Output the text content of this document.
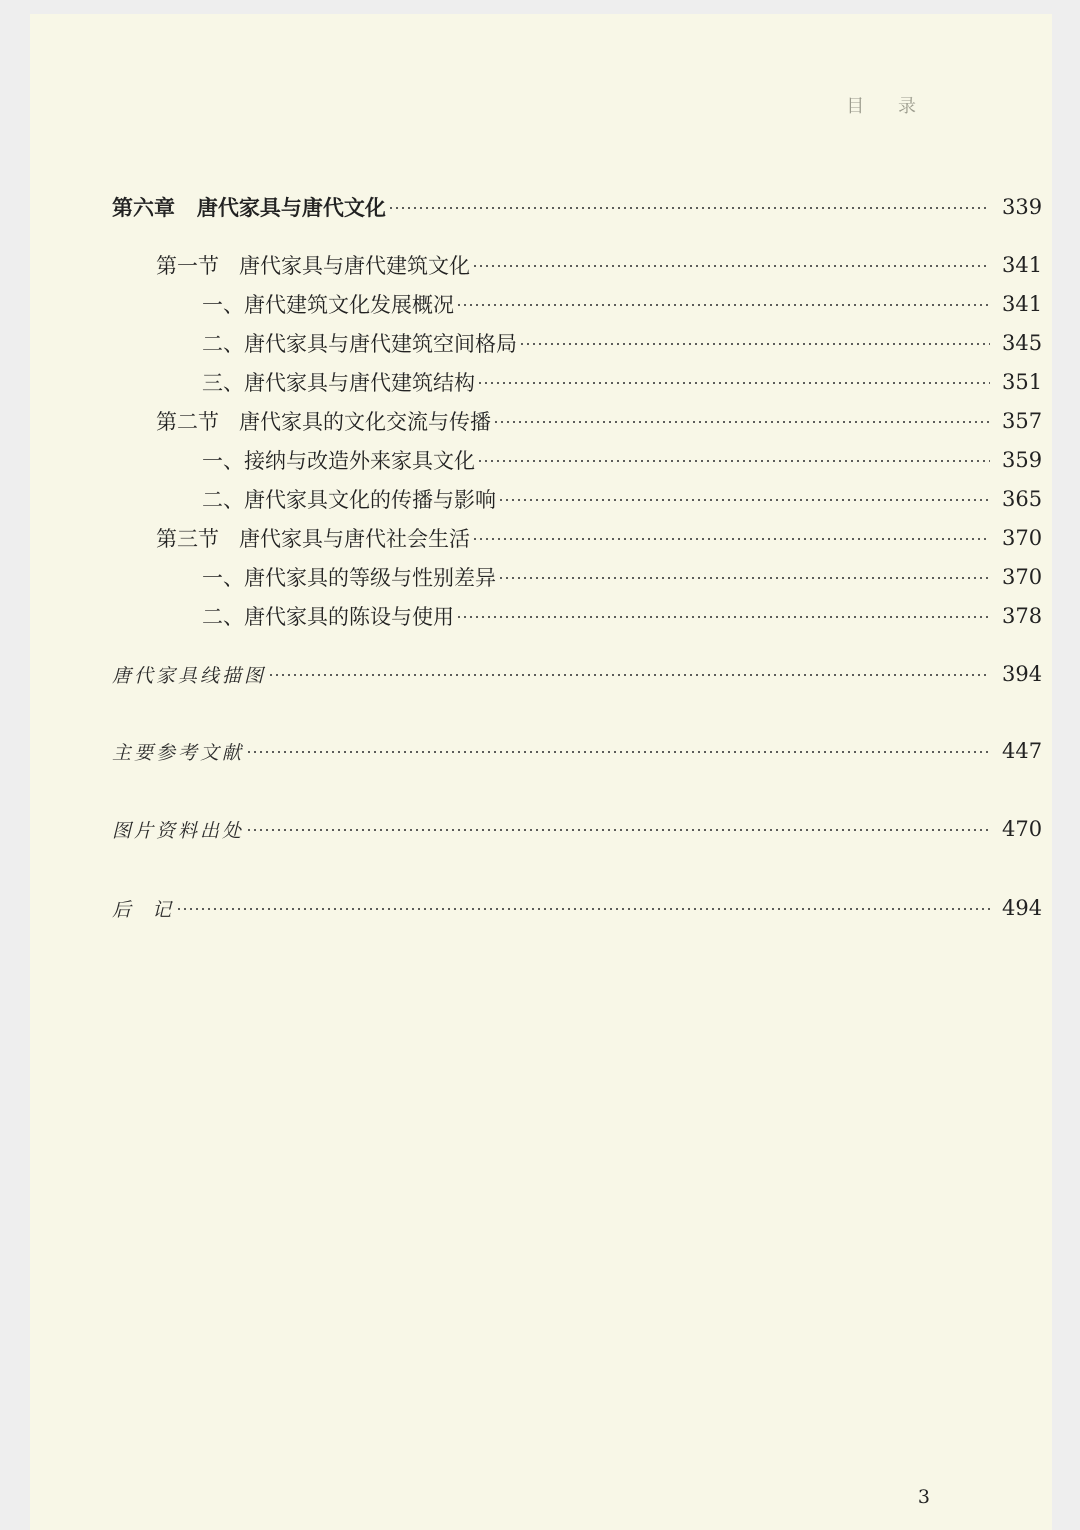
目 录
第六章   唐代家具与唐代文化	339
第一节   唐代家具与唐代建筑文化	341
一、唐代建筑文化发展概况	341
二、唐代家具与唐代建筑空间格局	345
三、唐代家具与唐代建筑结构	351
第二节   唐代家具的文化交流与传播	357
一、接纳与改造外来家具文化	359
二、唐代家具文化的传播与影响	365
第三节   唐代家具与唐代社会生活	370
一、唐代家具的等级与性别差异	370
二、唐代家具的陈设与使用	378
唐代家具线描图	394
主要参考文献	447
图片资料出处	470
后  记	494
3
